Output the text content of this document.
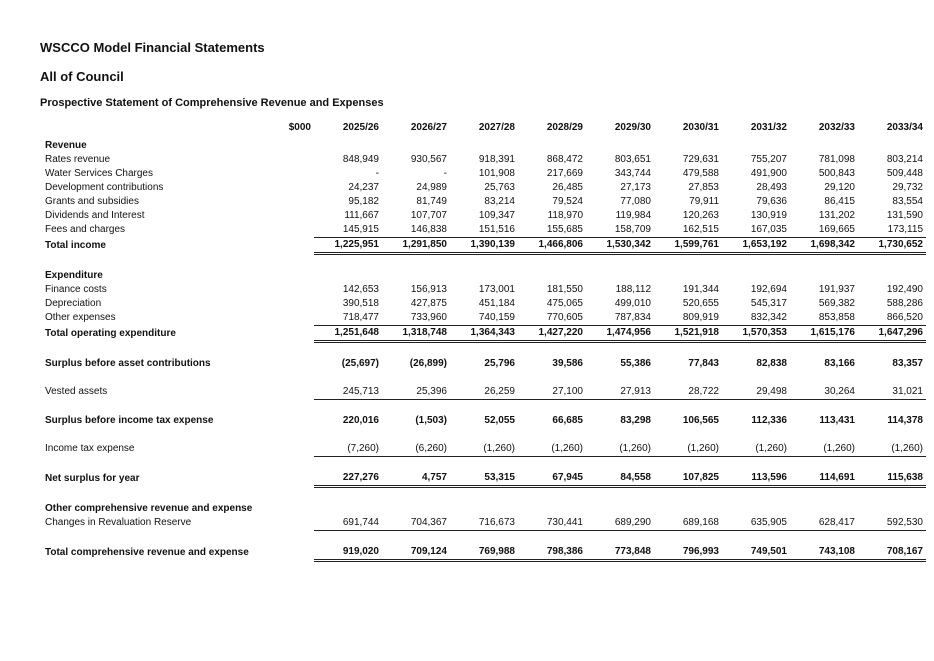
WSCCO Model Financial Statements
All of Council
Prospective Statement of Comprehensive Revenue and Expenses
	$000	2025/26	2026/27	2027/28	2028/29	2029/30	2030/31	2031/32	2032/33	2033/34
Revenue										
Rates revenue		848,949	930,567	918,391	868,472	803,651	729,631	755,207	781,098	803,214
Water Services Charges		-	-	101,908	217,669	343,744	479,588	491,900	500,843	509,448
Development contributions		24,237	24,989	25,763	26,485	27,173	27,853	28,493	29,120	29,732
Grants and subsidies		95,182	81,749	83,214	79,524	77,080	79,911	79,636	86,415	83,554
Dividends and Interest		111,667	107,707	109,347	118,970	119,984	120,263	130,919	131,202	131,590
Fees and charges		145,915	146,838	151,516	155,685	158,709	162,515	167,035	169,665	173,115
Total income		1,225,951	1,291,850	1,390,139	1,466,806	1,530,342	1,599,761	1,653,192	1,698,342	1,730,652

Expenditure										
Finance costs		142,653	156,913	173,001	181,550	188,112	191,344	192,694	191,937	192,490
Depreciation		390,518	427,875	451,184	475,065	499,010	520,655	545,317	569,382	588,286
Other expenses		718,477	733,960	740,159	770,605	787,834	809,919	832,342	853,858	866,520
Total operating expenditure		1,251,648	1,318,748	1,364,343	1,427,220	1,474,956	1,521,918	1,570,353	1,615,176	1,647,296

Surplus before asset contributions		(25,697)	(26,899)	25,796	39,586	55,386	77,843	82,838	83,166	83,357

Vested assets		245,713	25,396	26,259	27,100	27,913	28,722	29,498	30,264	31,021

Surplus before income tax expense		220,016	(1,503)	52,055	66,685	83,298	106,565	112,336	113,431	114,378

Income tax expense		(7,260)	(6,260)	(1,260)	(1,260)	(1,260)	(1,260)	(1,260)	(1,260)	(1,260)

Net surplus for year		227,276	4,757	53,315	67,945	84,558	107,825	113,596	114,691	115,638

Other comprehensive revenue and expense										
Changes in Revaluation Reserve		691,744	704,367	716,673	730,441	689,290	689,168	635,905	628,417	592,530

Total comprehensive revenue and expense		919,020	709,124	769,988	798,386	773,848	796,993	749,501	743,108	708,167
